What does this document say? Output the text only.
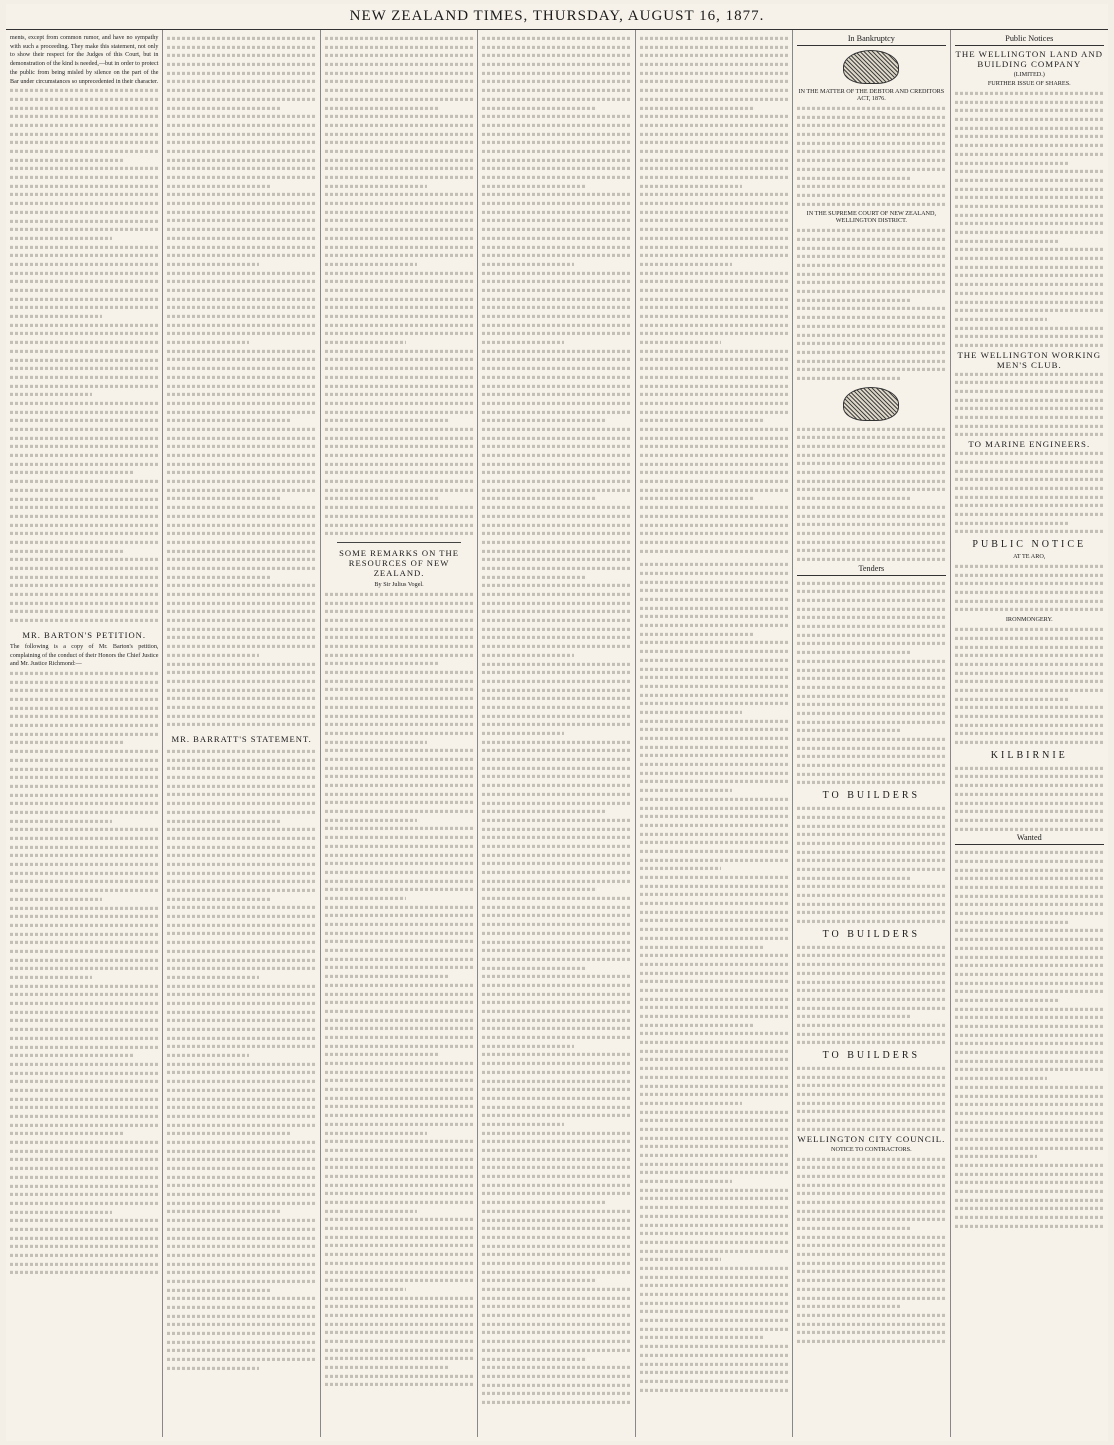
NEW ZEALAND TIMES, THURSDAY, AUGUST 16, 1877.
ments, except from common rumor, and have no sympathy with such a proceeding. They make this statement, not only to show their respect for the Judges of this Court, but in demonstration of the kind is needed,—but in order to protect the public from being misled by silence on the part of the Bar under circumstances so unprecedented in their character.
MR. BARTON'S PETITION.
The following is a copy of Mr. Barton's petition, complaining of the conduct of their Honors the Chief Justice and Mr. Justice Richmond:—
MR. BARRATT'S STATEMENT.
SOME REMARKS ON THE RESOURCES OF NEW ZEALAND.
By Sir Julius Vogel.
In Bankruptcy
IN THE MATTER OF THE DEBTOR AND CREDITORS ACT, 1876.
IN THE SUPREME COURT OF NEW ZEALAND, WELLINGTON DISTRICT.
Tenders
TO BUILDERS
TO BUILDERS
TO BUILDERS
WELLINGTON CITY COUNCIL.
NOTICE TO CONTRACTORS.
Public Notices
THE WELLINGTON LAND AND BUILDING COMPANY
(LIMITED.)
FURTHER ISSUE OF SHARES.
THE WELLINGTON WORKING MEN'S CLUB.
TO MARINE ENGINEERS.
PUBLIC NOTICE
AT TE ARO,
IRONMONGERY.
KILBIRNIE
Wanted
